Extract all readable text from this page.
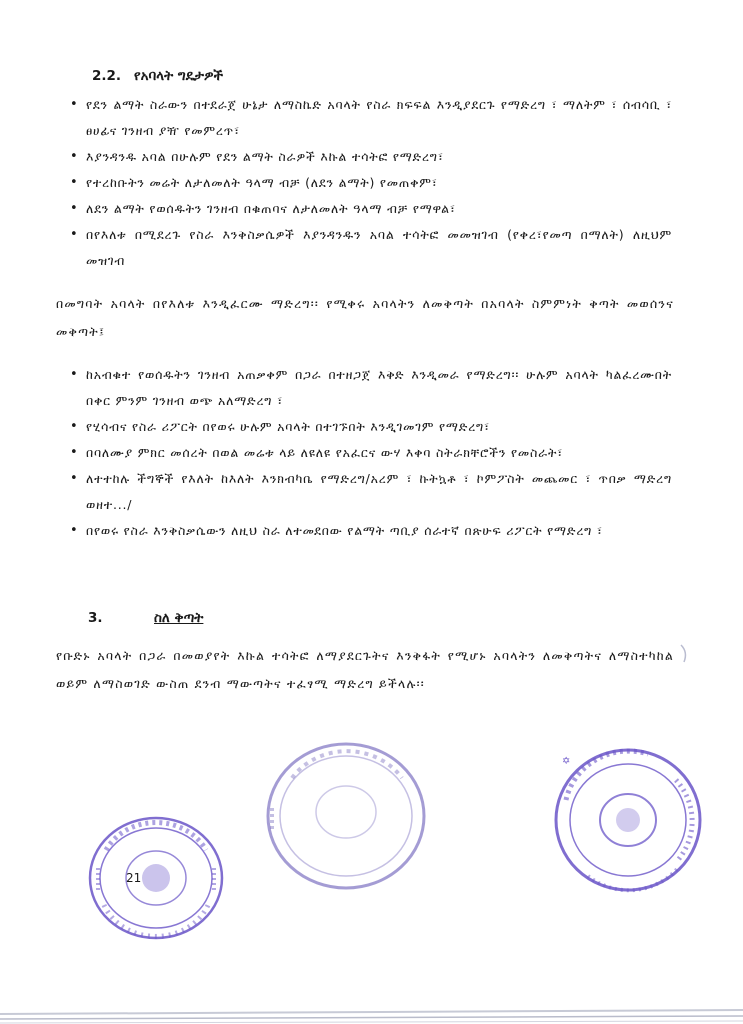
2.2. የአባላት ግዴታዎች
• የደን ልማት ስራውን በተደራጀ ሁኔታ ለማስኬድ አባላት የስራ ክፍፍል እንዲያደርጉ የማድረግ ፣ ማለትም ፣ ሰብሳቢ ፣ ፀሀፊና ገንዘብ ያዥ የመምረጥ፣
• እያንዳንዱ አባል በሁሉም የደን ልማት ስራዎች እኩል ተሳትፎ የማድረግ፣
• የተረከቡትን መሬት ለታለመለት ዓላማ ብቻ (ለደን ልማት) የመጠቀም፣
• ለደን ልማት የወሰዱትን ገንዘብ በቁጠባና ለታለመለት ዓላማ ብቻ የማዋል፣
• በየእለቱ በሚደረጉ የስራ እንቅስቃሴዎች እያንዳንዱን አባል ተሳትፎ መመዝገብ (የቀረ፣የመጣ በማለት) ለዚህም መዝገብ
በመግባት አባላት በየእለቱ እንዲፈርሙ ማድረግ፡፡ የሚቀሩ አባላትን ለመቅጣት በአባላት ስምምነት ቅጣት መወሰንና መቅጣት፤
• ከአብቁተ የወሰዱትን ገንዘብ አጠቃቀም በጋራ በተዘጋጀ እቅድ እንዲመራ የማድረግ፡፡ ሁሉም አባላት ካልፈረሙበት በቀር ምንም ገንዘብ ወጭ አለማድረግ ፣
• የሂሳብና የስራ ሪፖርት በየወሩ ሁሉም አባላት በተገኙበት እንዲገመገም የማድረግ፣
• በባለሙያ ምክር መሰረት በወል መሬቱ ላይ ለዩለዩ የአፈርና ውሃ እቀባ ስትራክቸሮችን የመስራት፣
• ለተተከሉ ችግኞች የእለት ከእለት እንክብካቤ የማድረግ/አረም ፣ ኩትኳቶ ፣ ኮምፖስት መጨመር ፣ ጥበቃ ማድረግ ወዘተ.../
• በየወሩ የስራ እንቅስቃሴውን ለዚህ ስራ ለተመደበው የልማት ጣቢያ ሰራተኛ በጽሁፍ ሪፖርት የማድረግ ፣
3.	ስለ ቅጣት
የቡድኑ አባላት በጋራ በመወያየት እኩል ተሳትፎ ለማያደርጉትና እንቅፋት የሚሆኑ አባላትን ለመቅጣትና ለማስተካከል ወይም ለማስወገድ ውስጠ ደንብ ማውጣትና ተፈፃሚ ማድረግ ይችላሉ፡፡
21
✡
